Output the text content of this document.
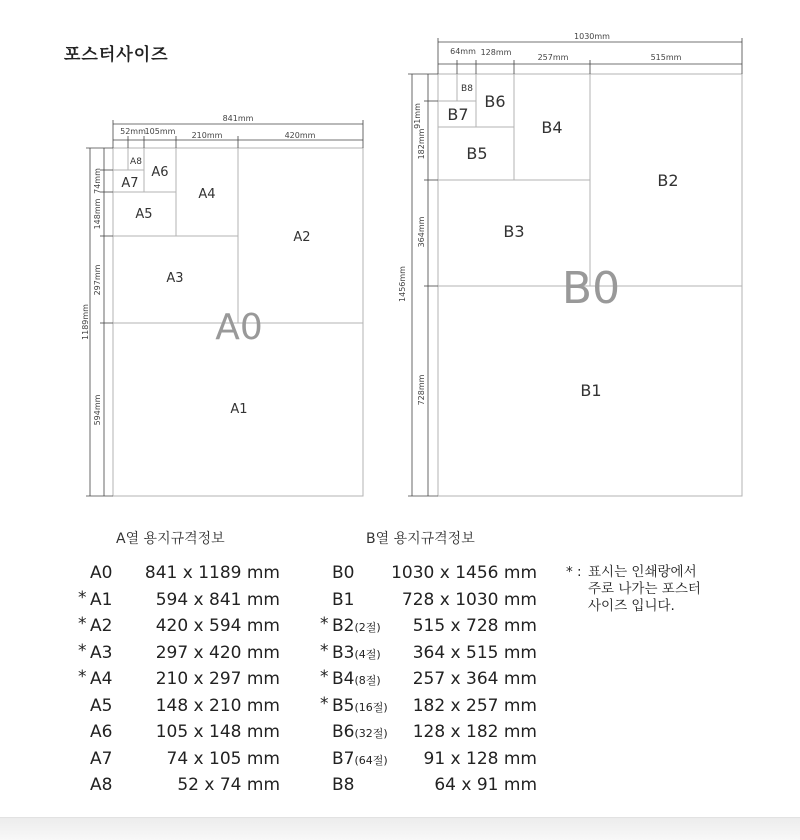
포스터사이즈
841mm
52mm
105mm 210mm	420mm
1189mm
74mm
148mm
297mm
594mm
A0
A1
A2
A3
A4
A5
A6
A7
A8
1030mm
64mm 128mm
257mm	515mm
1456mm
91mm
182mm
364mm
728mm
B0
B1
B2
B3
B4
B5
B6
B7
B8
A열 용지규격정보	B열 용지규격정보
A0 841 x 1189 mm
* A1	594 x 841 mm
* A2	420 x 594 mm
* A3	297 x 420 mm
* A4	210 x 297 mm
A5	148 x 210 mm
A6	105 x 148 mm
A7	74 x 105 mm
A8	52 x 74 mm
B0 1030 x 1456 mm
B1	728 x 1030 mm
* B2(2절) 515 x 728 mm
* B3(4절) 364 x 515 mm
* B4(8절) 257 x 364 mm
* B5(16절) 182 x 257 mm
B6(32절) 128 x 182 mm
B7(64절) 91 x 128 mm
B8	64 x 91 mm
* : 표시는 인쇄랑에서
주로 나가는 포스터
사이즈 입니다.
